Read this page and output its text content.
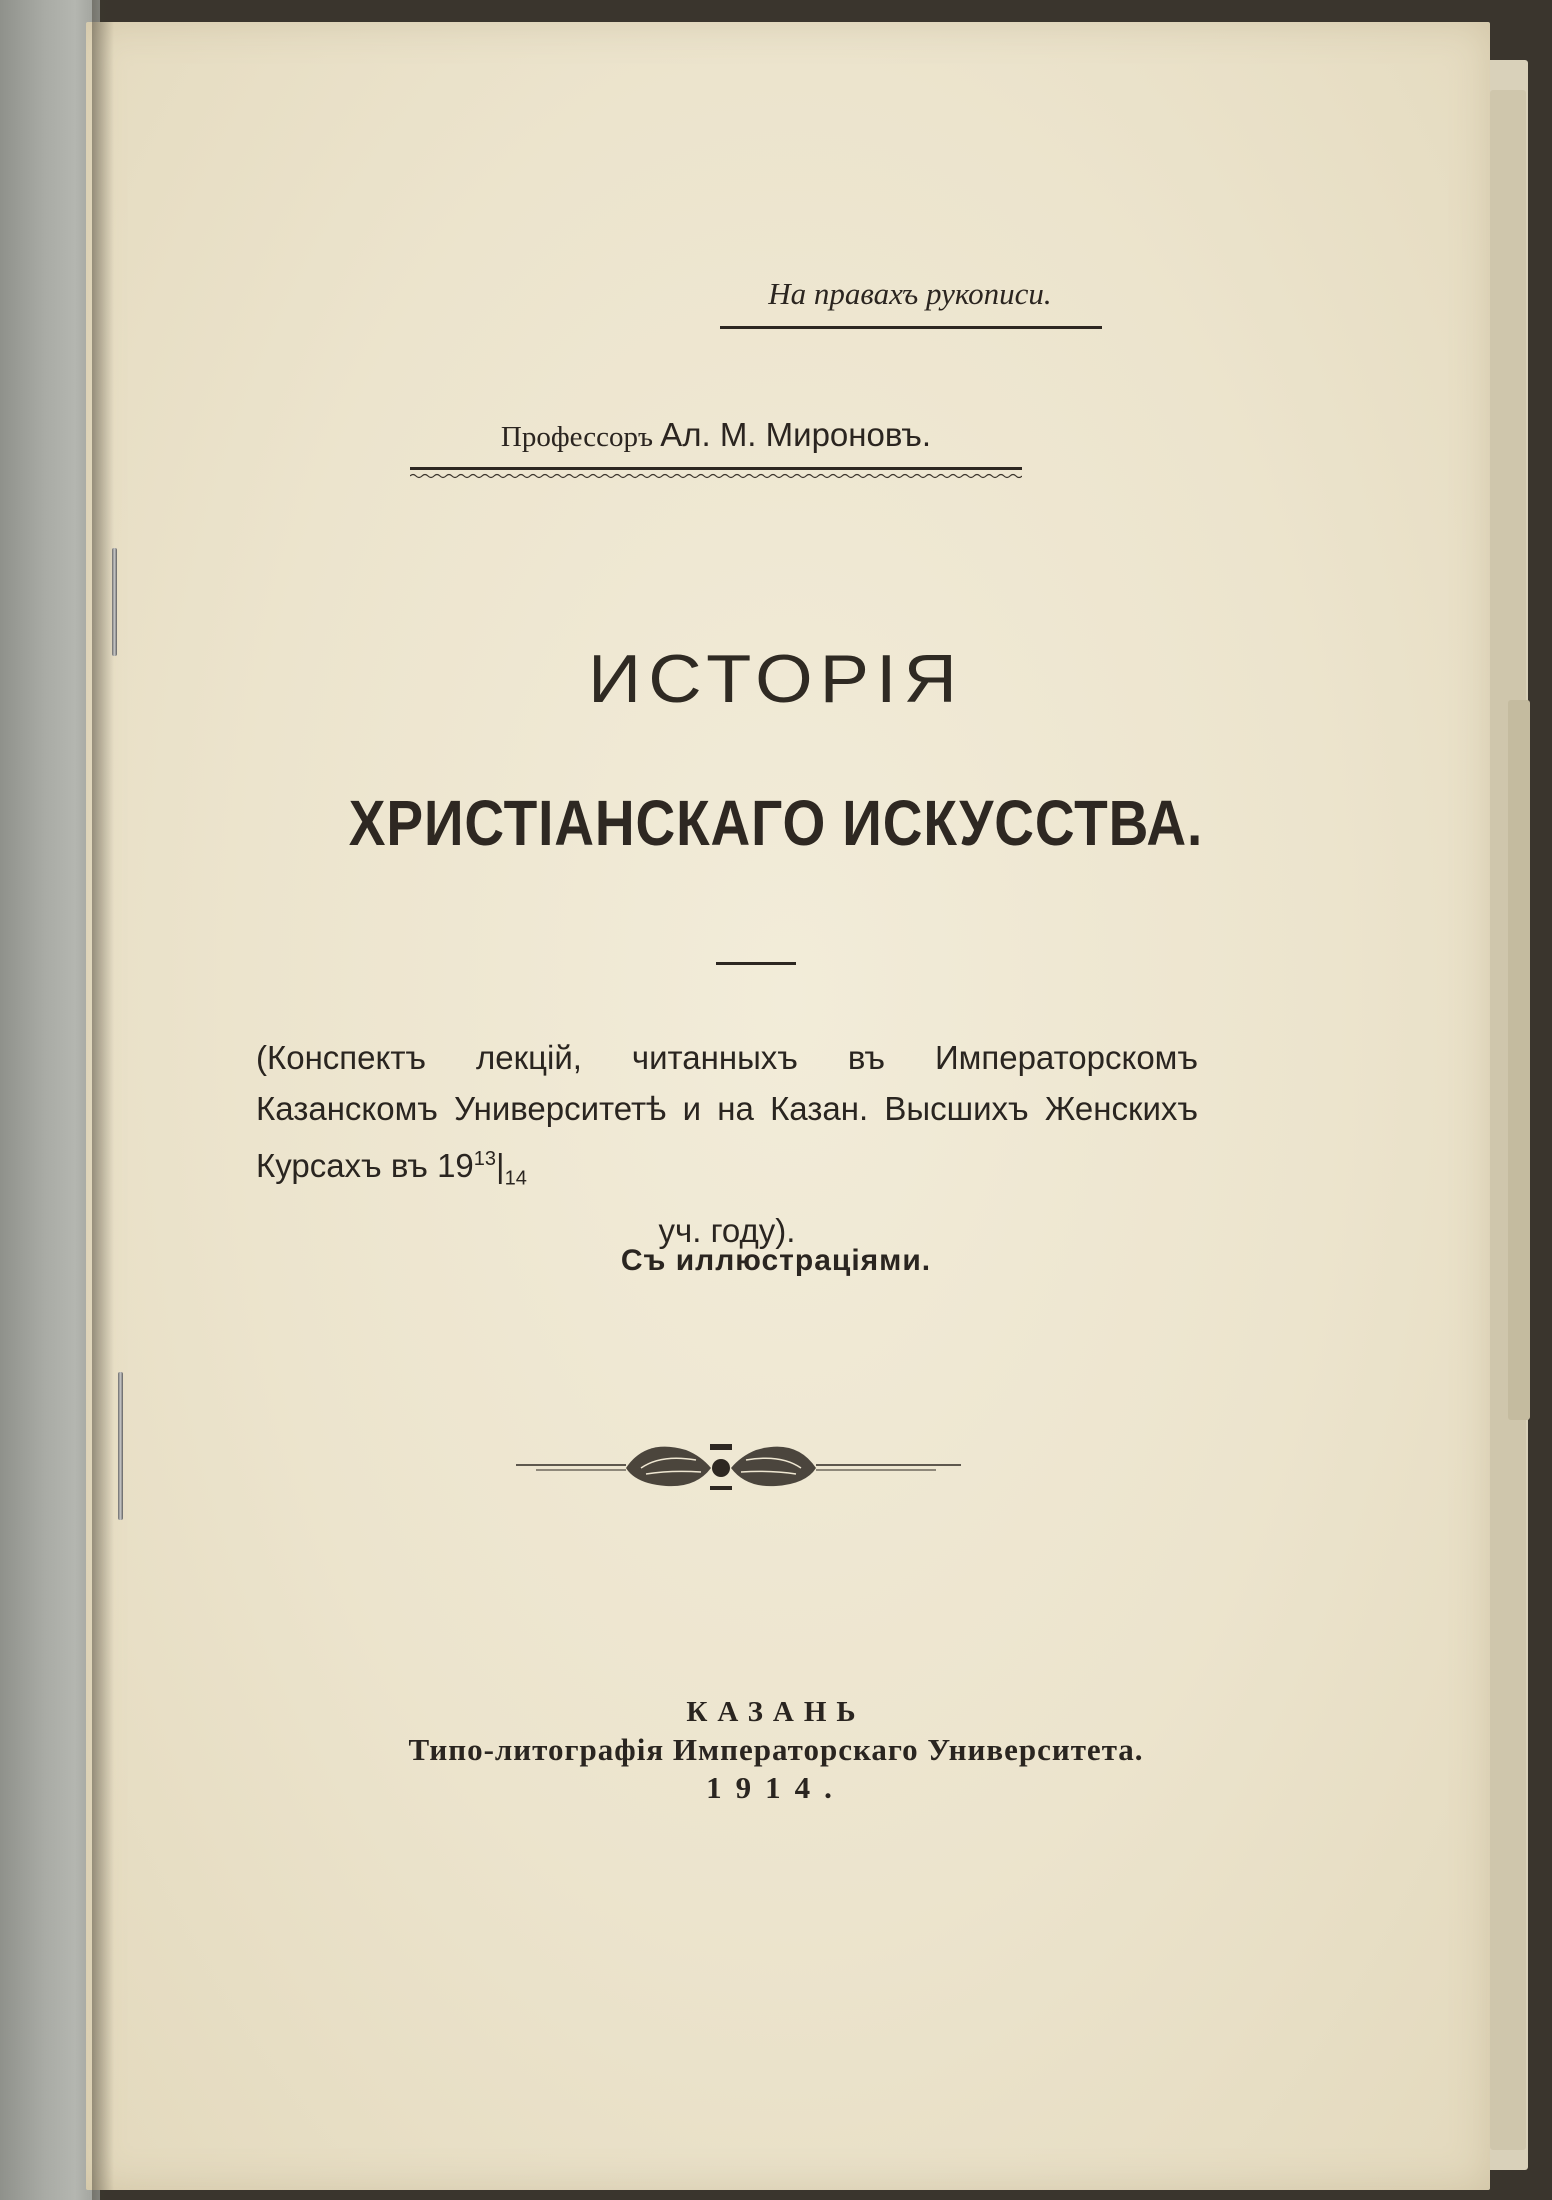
На правахъ рукописи.
Профессоръ Ал. М. Мироновъ.
ИСТОРІЯ
ХРИСТІАНСКАГО ИСКУССТВА.

(Конспектъ лекцій, читанныхъ въ Императорскомъ Казанскомъ Университетѣ и на Казан. Высшихъ Женскихъ Курсахъ въ $19^{13}|_{14}$
уч. году).

Съ иллюстраціями.
КАЗАНЬ
Типо-литографія Императорскаго Университета.
1914.
